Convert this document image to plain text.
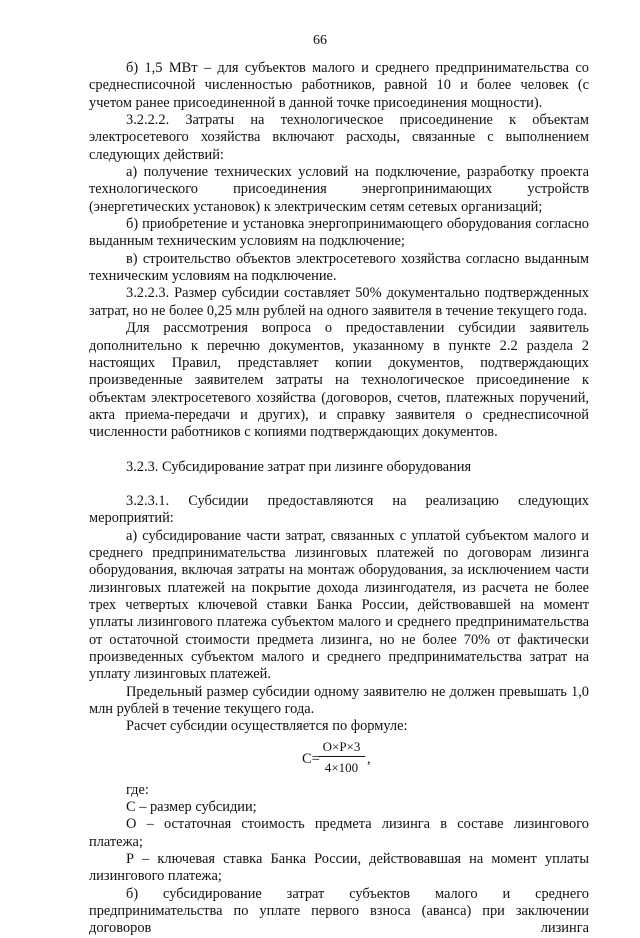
66

б) 1,5 МВт – для субъектов малого и среднего предпринимательства со среднесписочной численностью работников, равной 10 и более человек (с учетом ранее присоединенной в данной точке присоединения мощности).

3.2.2.2. Затраты на технологическое присоединение к объектам электросетевого хозяйства включают расходы, связанные с выполнением следующих действий:

а) получение технических условий на подключение, разработку проекта технологического присоединения энергопринимающих устройств (энергетических установок) к электрическим сетям сетевых организаций;

б) приобретение и установка энергопринимающего оборудования согласно выданным техническим условиям на подключение;

в) строительство объектов электросетевого хозяйства согласно выданным техническим условиям на подключение.

3.2.2.3. Размер субсидии составляет 50% документально подтвержденных затрат, но не более 0,25 млн рублей на одного заявителя в течение текущего года.

Для рассмотрения вопроса о предоставлении субсидии заявитель дополнительно к перечню документов, указанному в пункте 2.2 раздела 2 настоящих Правил, представляет копии документов, подтверждающих произведенные заявителем затраты на технологическое присоединение к объектам электросетевого хозяйства (договоров, счетов, платежных поручений, акта приема-передачи и других), и справку заявителя о среднесписочной численности работников с копиями подтверждающих документов.

3.2.3. Субсидирование затрат при лизинге оборудования

3.2.3.1. Субсидии предоставляются на реализацию следующих мероприятий:

а) субсидирование части затрат, связанных с уплатой субъектом малого и среднего предпринимательства лизинговых платежей по договорам лизинга оборудования, включая затраты на монтаж оборудования, за исключением части лизинговых платежей на покрытие дохода лизингодателя, из расчета не более трех четвертых ключевой ставки Банка России, действовавшей на момент уплаты лизингового платежа субъектом малого и среднего предпринимательства от остаточной стоимости предмета лизинга, но не более 70% от фактически произведенных субъектом малого и среднего предпринимательства затрат на уплату лизинговых платежей.

Предельный размер субсидии одному заявителю не должен превышать 1,0 млн рублей в течение текущего года.

Расчет субсидии осуществляется по формуле:

С=
О×Р×3
4×100
,

где:

С – размер субсидии;

О – остаточная стоимость предмета лизинга в составе лизингового платежа;

Р – ключевая ставка Банка России, действовавшая на момент уплаты лизингового платежа;

б) субсидирование затрат субъектов малого и среднего предпринимательства по уплате первого взноса (аванса) при заключении договоров лизинга
